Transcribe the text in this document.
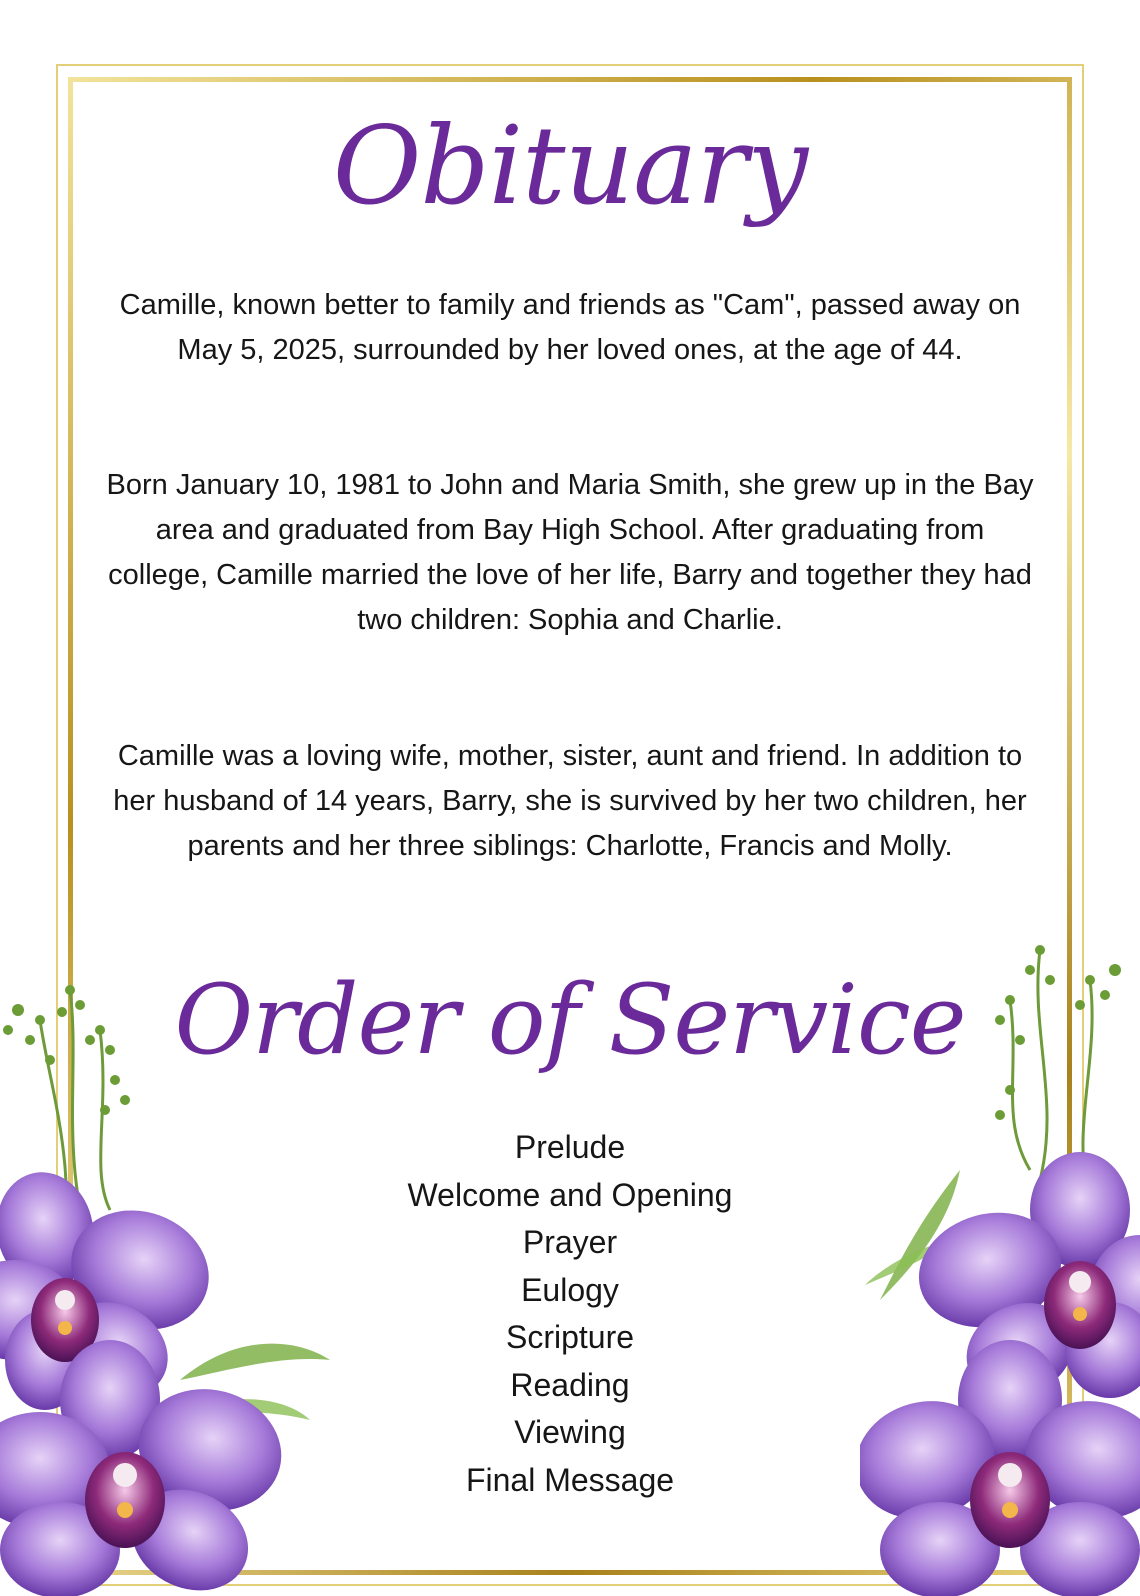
Obituary
Camille, known better to family and friends as "Cam", passed away on May 5, 2025, surrounded by her loved ones, at the age of 44.
Born January 10, 1981 to John and Maria Smith, she grew up in the Bay area and graduated from Bay High School. After graduating from college, Camille married the love of her life, Barry and together they had two children: Sophia and Charlie.
Camille was a loving wife, mother, sister, aunt and friend. In addition to her husband of 14 years, Barry, she is survived by her two children, her parents and her three siblings: Charlotte, Francis and Molly.
Order of Service
Prelude
Welcome and Opening
Prayer
Eulogy
Scripture
Reading
Viewing
Final Message
